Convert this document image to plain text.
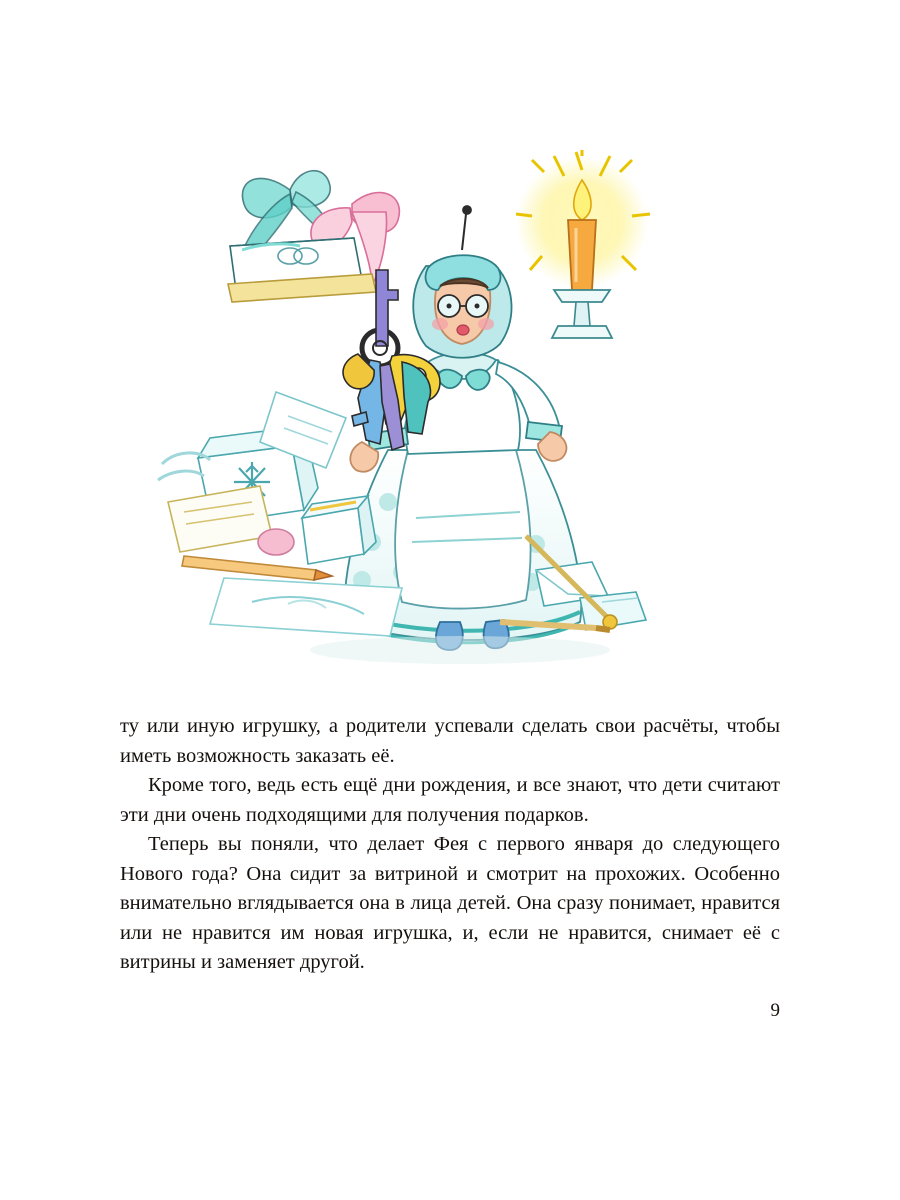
ту или иную игрушку, а родители успевали сделать свои расчёты, чтобы иметь возможность заказать её.

Кроме того, ведь есть ещё дни рождения, и все знают, что дети считают эти дни очень подходящими для получения подарков.

Теперь вы поняли, что делает Фея с первого января до следующего Нового года? Она сидит за витриной и смотрит на прохожих. Особенно внимательно вглядывается она в лица детей. Она сразу понимает, нравится или не нравится им новая игрушка, и, если не нравится, снимает её с витрины и заменяет другой.

9
